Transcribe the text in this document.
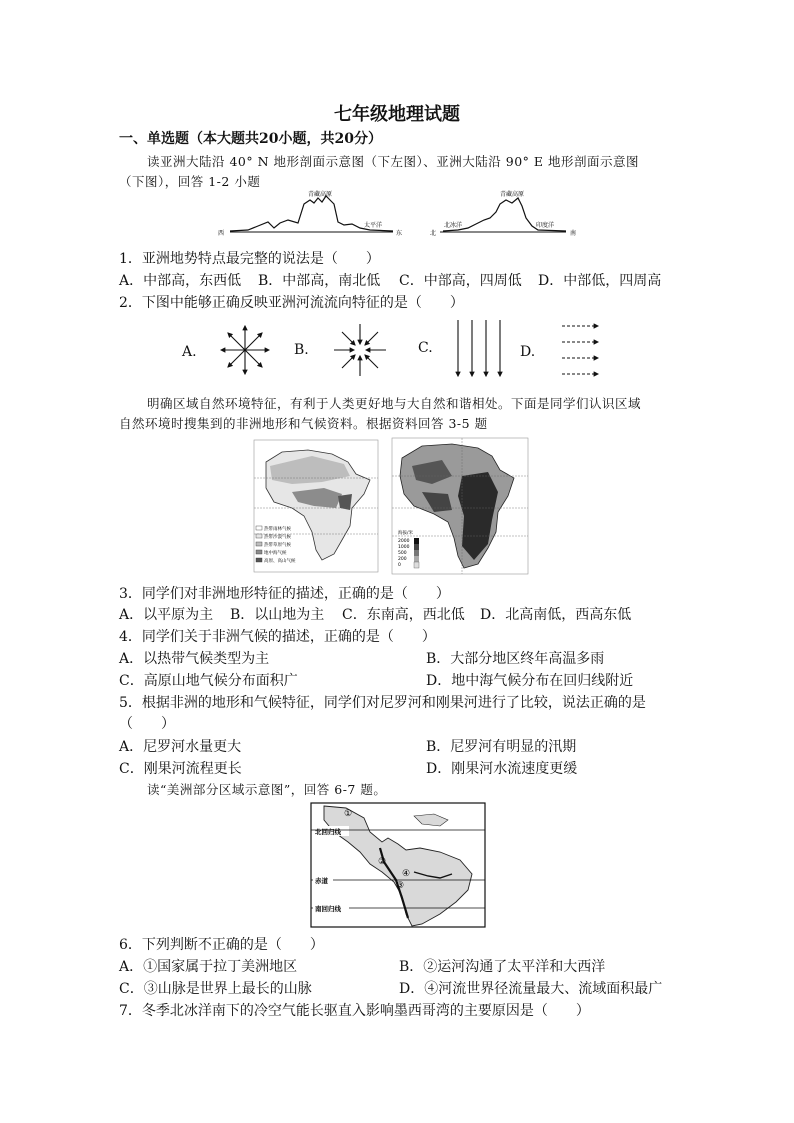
七年级地理试题
一、单选题（本大题共20小题，共20分）
读亚洲大陆沿 40° N 地形剖面示意图（下左图）、亚洲大陆沿 90° E 地形剖面示意图
（下图），回答 1-2 小题
青藏高原
西	东
太平洋
青藏高原
北	南
北冰洋	印度洋
1．亚洲地势特点最完整的说法是（　　）
A．中部高，东西低 B．中部高，南北低 C．中部高，四周低 D．中部低，四周高
2．下图中能够正确反映亚洲河流流向特征的是（　　）
A.	B.	C.	D.
明确区域自然环境特征，有利于人类更好地与大自然和谐相处。下面是同学们认识区域
自然环境时搜集到的非洲地形和气候资料。根据资料回答 3-5 题
热带雨林气候
热带沙漠气候
热带草原气候
地中海气候
高原、高山气候
海拔/米
2000
1000
500
200
0
3．同学们对非洲地形特征的描述，正确的是（　　）
A．以平原为主 B．以山地为主 C．东南高，西北低 D．北高南低，西高东低
4．同学们关于非洲气候的描述，正确的是（　　）
A．以热带气候类型为主	B．大部分地区终年高温多雨
C．高原山地气候分布面积广	D．地中海气候分布在回归线附近
5．根据非洲的地形和气候特征，同学们对尼罗河和刚果河进行了比较，说法正确的是
（　　）
A．尼罗河水量更大	B．尼罗河有明显的汛期
C．刚果河流程更长	D．刚果河水流速度更缓
读“美洲部分区域示意图”，回答 6-7 题。
北回归线
赤道
南回归线
①
②
③
④
6．下列判断不正确的是（　　）
A．①国家属于拉丁美洲地区	B．②运河沟通了太平洋和大西洋
C．③山脉是世界上最长的山脉	D．④河流世界径流量最大、流域面积最广
7．冬季北冰洋南下的冷空气能长驱直入影响墨西哥湾的主要原因是（　　）
